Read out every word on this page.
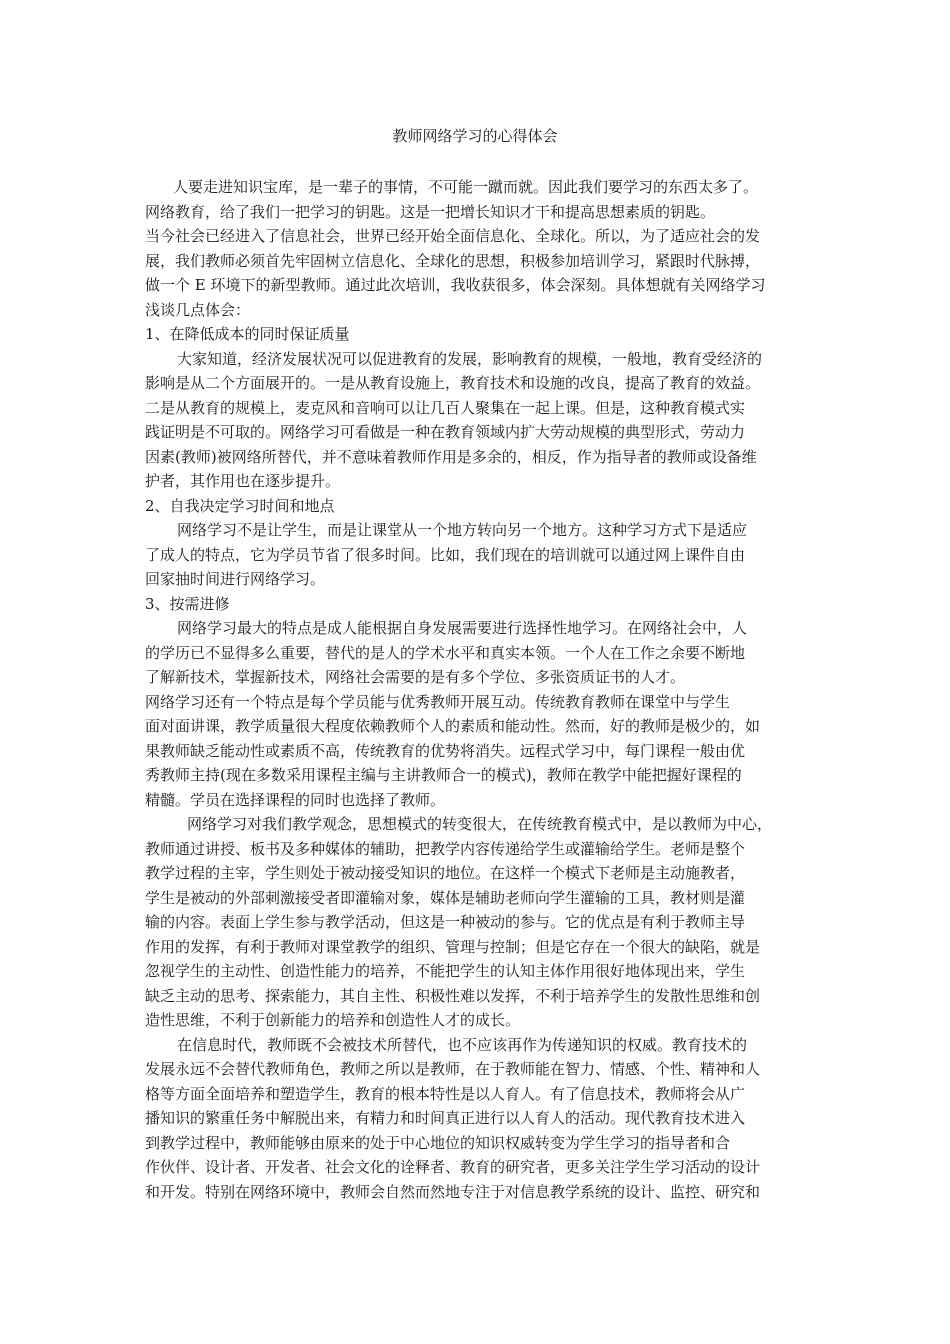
教师网络学习的心得体会
人要走进知识宝库，是一辈子的事情，不可能一蹴而就。因此我们要学习的东西太多了。
网络教育，给了我们一把学习的钥匙。这是一把增长知识才干和提高思想素质的钥匙。
当今社会已经进入了信息社会，世界已经开始全面信息化、全球化。所以，为了适应社会的发
展，我们教师必须首先牢固树立信息化、全球化的思想，积极参加培训学习，紧跟时代脉搏，
做一个 E 环境下的新型教师。通过此次培训，我收获很多，体会深刻。具体想就有关网络学习
浅谈几点体会：
1、在降低成本的同时保证质量
大家知道，经济发展状况可以促进教育的发展，影响教育的规模，一般地，教育受经济的
影响是从二个方面展开的。一是从教育设施上，教育技术和设施的改良，提高了教育的效益。
二是从教育的规模上，麦克风和音响可以让几百人聚集在一起上课。但是，这种教育模式实
践证明是不可取的。网络学习可看做是一种在教育领域内扩大劳动规模的典型形式，劳动力
因素(教师)被网络所替代，并不意味着教师作用是多余的，相反，作为指导者的教师或设备维
护者，其作用也在逐步提升。
2、自我决定学习时间和地点
网络学习不是让学生，而是让课堂从一个地方转向另一个地方。这种学习方式下是适应
了成人的特点，它为学员节省了很多时间。比如，我们现在的培训就可以通过网上课件自由
回家抽时间进行网络学习。
3、按需进修
网络学习最大的特点是成人能根据自身发展需要进行选择性地学习。在网络社会中，人
的学历已不显得多么重要，替代的是人的学术水平和真实本领。一个人在工作之余要不断地
了解新技术，掌握新技术，网络社会需要的是有多个学位、多张资质证书的人才。
网络学习还有一个特点是每个学员能与优秀教师开展互动。传统教育教师在课堂中与学生
面对面讲课，教学质量很大程度依赖教师个人的素质和能动性。然而，好的教师是极少的，如
果教师缺乏能动性或素质不高，传统教育的优势将消失。远程式学习中，每门课程一般由优
秀教师主持(现在多数采用课程主编与主讲教师合一的模式)，教师在教学中能把握好课程的
精髓。学员在选择课程的同时也选择了教师。
网络学习对我们教学观念，思想模式的转变很大，在传统教育模式中，是以教师为中心，
教师通过讲授、板书及多种媒体的辅助，把教学内容传递给学生或灌输给学生。老师是整个
教学过程的主宰，学生则处于被动接受知识的地位。在这样一个模式下老师是主动施教者，
学生是被动的外部刺激接受者即灌输对象，媒体是辅助老师向学生灌输的工具，教材则是灌
输的内容。表面上学生参与教学活动，但这是一种被动的参与。它的优点是有利于教师主导
作用的发挥，有利于教师对课堂教学的组织、管理与控制；但是它存在一个很大的缺陷，就是
忽视学生的主动性、创造性能力的培养，不能把学生的认知主体作用很好地体现出来，学生
缺乏主动的思考、探索能力，其自主性、积极性难以发挥，不利于培养学生的发散性思维和创
造性思维，不利于创新能力的培养和创造性人才的成长。
在信息时代，教师既不会被技术所替代，也不应该再作为传递知识的权威。教育技术的
发展永远不会替代教师角色，教师之所以是教师，在于教师能在智力、情感、个性、精神和人
格等方面全面培养和塑造学生，教育的根本特性是以人育人。有了信息技术，教师将会从广
播知识的繁重任务中解脱出来，有精力和时间真正进行以人育人的活动。现代教育技术进入
到教学过程中，教师能够由原来的处于中心地位的知识权威转变为学生学习的指导者和合
作伙伴、设计者、开发者、社会文化的诠释者、教育的研究者，更多关注学生学习活动的设计
和开发。特别在网络环境中，教师会自然而然地专注于对信息教学系统的设计、监控、研究和
